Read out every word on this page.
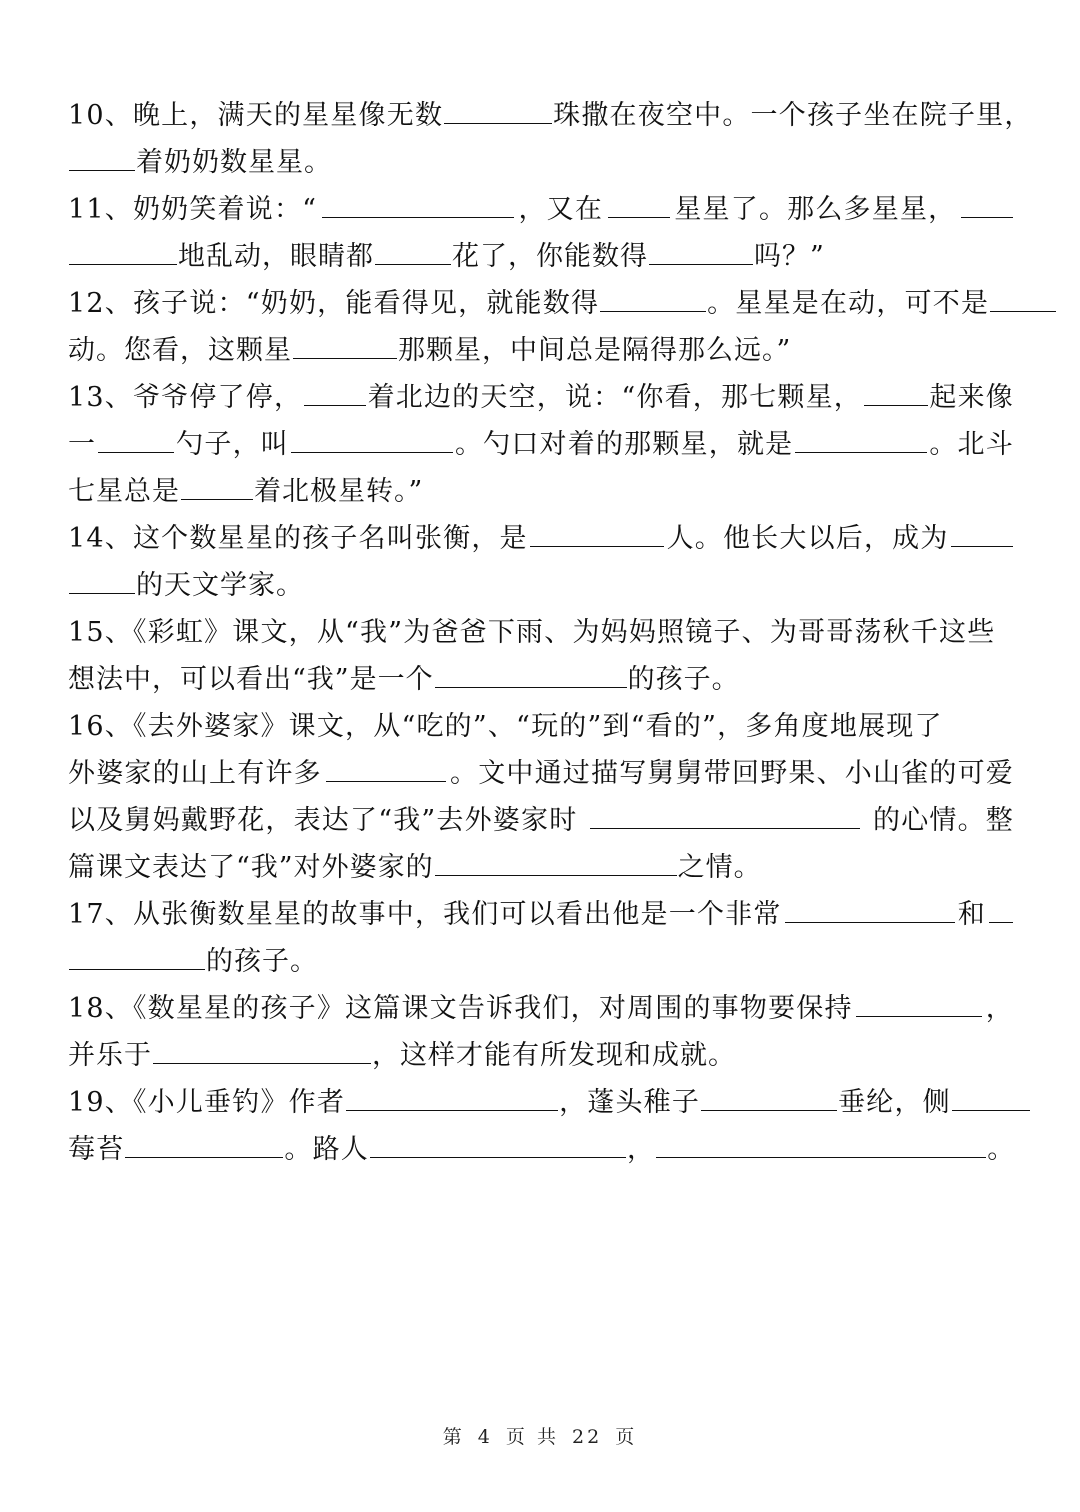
10、晚上，满天的星星像无数	珠撒在夜空中。一个孩子坐在院子里，
着奶奶数星星。
11、奶奶笑着说：“	，又在	星星了。那么多星星，
地乱动，眼睛都	花了，你能数得	吗？”
12、孩子说：“奶奶，能看得见，就能数得	。星星是在动，可不是
动。您看，这颗星	那颗星，中间总是隔得那么远。”
13、爷爷停了停， 着北边的天空，说：“你看，那七颗星， 起来像
一	勺子，叫	。勺口对着的那颗星，就是	。北斗
七星总是	着北极星转。”
14、这个数星星的孩子名叫张衡，是	人。他长大以后，成为
的天文学家。
15、《彩虹》课文，从“我”为爸爸下雨、为妈妈照镜子、为哥哥荡秋千这些
想法中，可以看出“我”是一个	的孩子。
16、《去外婆家》课文，从“吃的”、“玩的”到“看的”，多角度地展现了
外婆家的山上有许多	。文中通过描写舅舅带回野果、小山雀的可爱
以及舅妈戴野花，表达了“我”去外婆家时	的心情。整
篇课文表达了“我”对外婆家的	之情。
17、从张衡数星星的故事中，我们可以看出他是一个非常	和
的孩子。
18、《数星星的孩子》这篇课文告诉我们，对周围的事物要保持	，
并乐于	，这样才能有所发现和成就。
19、《小儿垂钓》作者	，蓬头稚子	垂纶，侧
莓苔	。路人	，	。
第 4 页 共 22 页
